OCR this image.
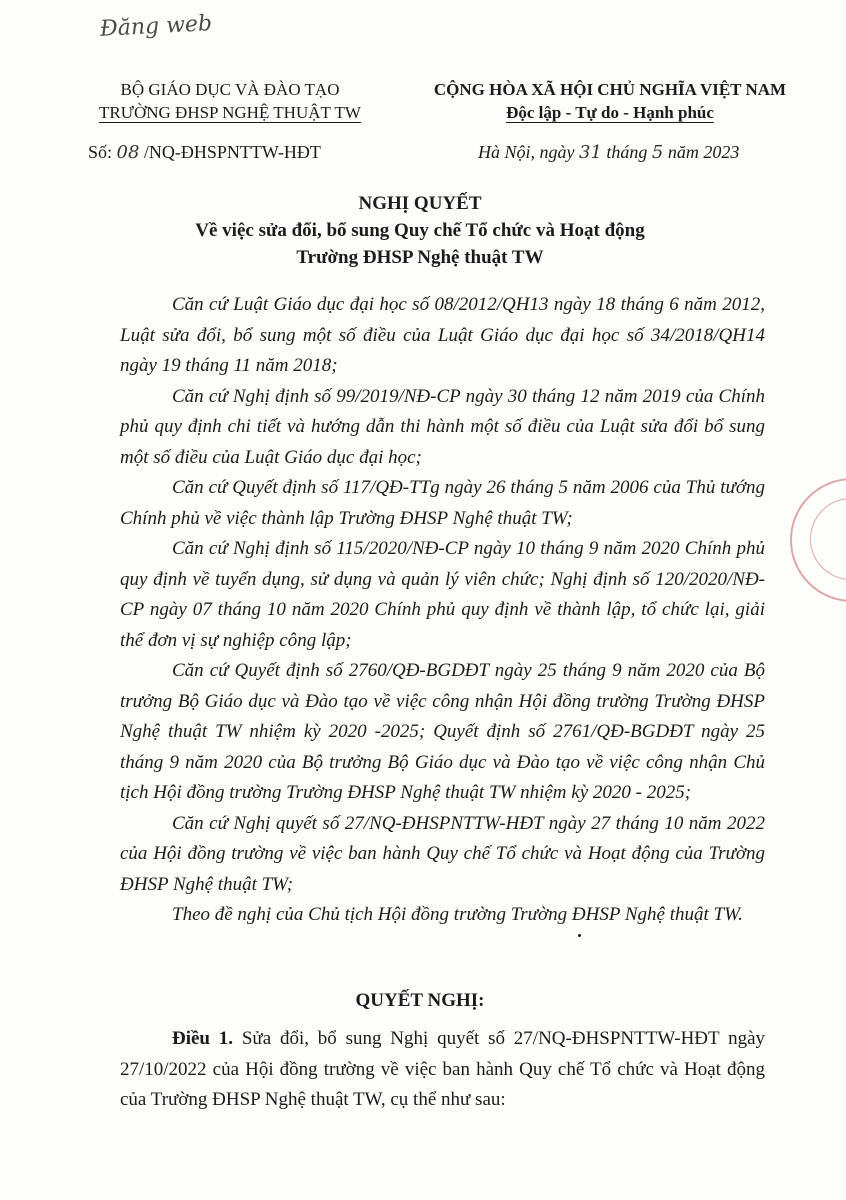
Đăng web
BỘ GIÁO DỤC VÀ ĐÀO TẠO
TRƯỜNG ĐHSP NGHỆ THUẬT TW
CỘNG HÒA XÃ HỘI CHỦ NGHĨA VIỆT NAM
Độc lập - Tự do - Hạnh phúc
Số: 08 /NQ-ĐHSPNTTW-HĐT	Hà Nội, ngày 31 tháng 5 năm 2023
NGHỊ QUYẾT
Về việc sửa đổi, bổ sung Quy chế Tổ chức và Hoạt động
Trường ĐHSP Nghệ thuật TW

Căn cứ Luật Giáo dục đại học số 08/2012/QH13 ngày 18 tháng 6 năm 2012, Luật sửa đổi, bổ sung một số điều của Luật Giáo dục đại học số 34/2018/QH14 ngày 19 tháng 11 năm 2018;

Căn cứ Nghị định số 99/2019/NĐ-CP ngày 30 tháng 12 năm 2019 của Chính phủ quy định chi tiết và hướng dẫn thi hành một số điều của Luật sửa đổi bổ sung một số điều của Luật Giáo dục đại học;

Căn cứ Quyết định số 117/QĐ-TTg ngày 26 tháng 5 năm 2006 của Thủ tướng Chính phủ về việc thành lập Trường ĐHSP Nghệ thuật TW;

Căn cứ Nghị định số 115/2020/NĐ-CP ngày 10 tháng 9 năm 2020 Chính phủ quy định về tuyển dụng, sử dụng và quản lý viên chức; Nghị định số 120/2020/NĐ-CP ngày 07 tháng 10 năm 2020 Chính phủ quy định về thành lập, tổ chức lại, giải thể đơn vị sự nghiệp công lập;

Căn cứ Quyết định số 2760/QĐ-BGDĐT ngày 25 tháng 9 năm 2020 của Bộ trưởng Bộ Giáo dục và Đào tạo về việc công nhận Hội đồng trường Trường ĐHSP Nghệ thuật TW nhiệm kỳ 2020 -2025; Quyết định số 2761/QĐ-BGDĐT ngày 25 tháng 9 năm 2020 của Bộ trưởng Bộ Giáo dục và Đào tạo về việc công nhận Chủ tịch Hội đồng trường Trường ĐHSP Nghệ thuật TW nhiệm kỳ 2020 - 2025;

Căn cứ Nghị quyết số 27/NQ-ĐHSPNTTW-HĐT ngày 27 tháng 10 năm 2022 của Hội đồng trường về việc ban hành Quy chế Tổ chức và Hoạt động của Trường ĐHSP Nghệ thuật TW;

Theo đề nghị của Chủ tịch Hội đồng trường Trường ĐHSP Nghệ thuật TW.

QUYẾT NGHỊ:

Điều 1. Sửa đổi, bổ sung Nghị quyết số 27/NQ-ĐHSPNTTW-HĐT ngày 27/10/2022 của Hội đồng trường về việc ban hành Quy chế Tổ chức và Hoạt động của Trường ĐHSP Nghệ thuật TW, cụ thể như sau:
